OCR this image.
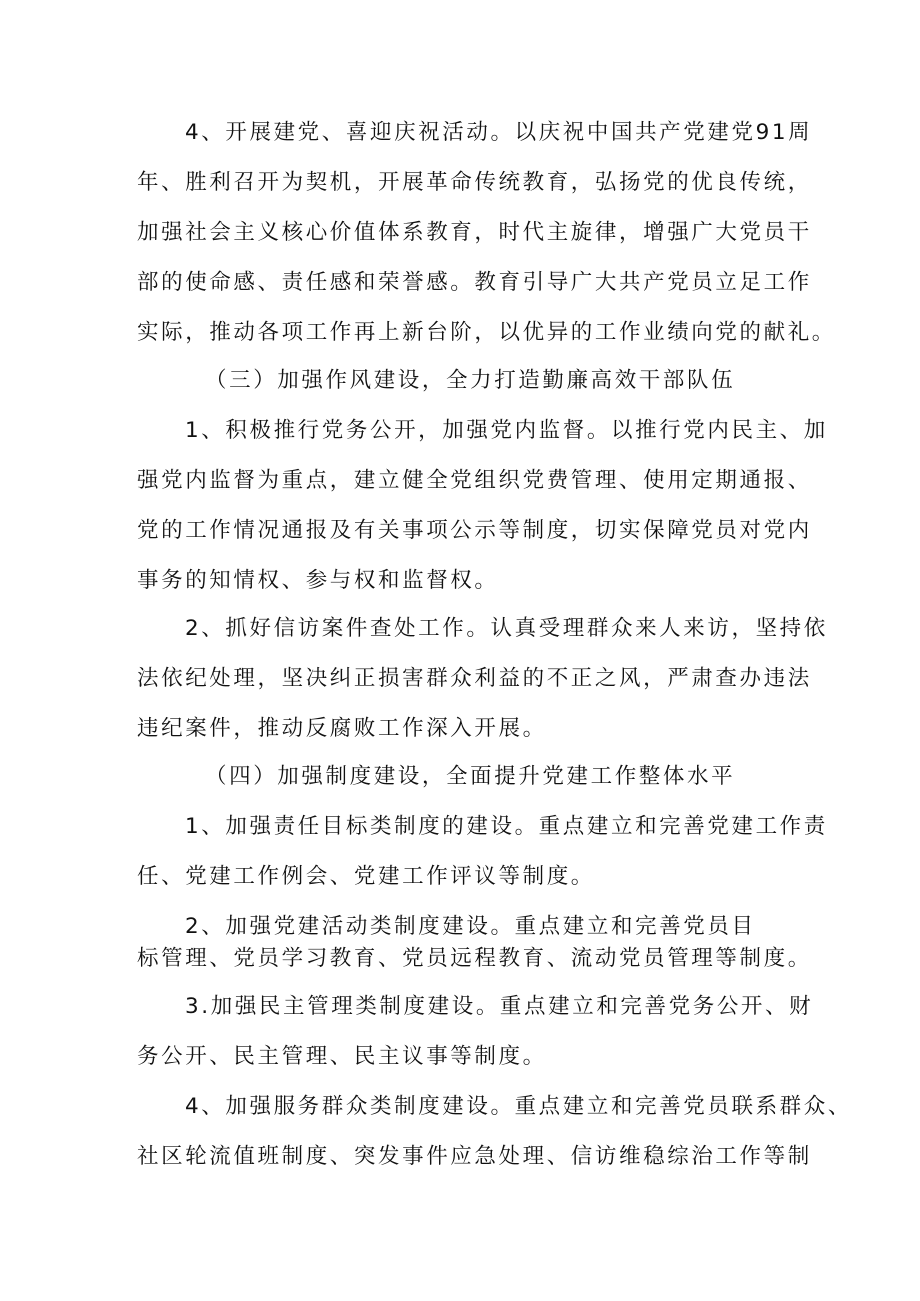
4、开展建党、喜迎庆祝活动。以庆祝中国共产党建党91周
年、胜利召开为契机，开展革命传统教育，弘扬党的优良传统，
加强社会主义核心价值体系教育，时代主旋律，增强广大党员干
部的使命感、责任感和荣誉感。教育引导广大共产党员立足工作
实际，推动各项工作再上新台阶，以优异的工作业绩向党的献礼。
（三）加强作风建设，全力打造勤廉高效干部队伍
1、积极推行党务公开，加强党内监督。以推行党内民主、加
强党内监督为重点，建立健全党组织党费管理、使用定期通报、
党的工作情况通报及有关事项公示等制度，切实保障党员对党内
事务的知情权、参与权和监督权。
2、抓好信访案件查处工作。认真受理群众来人来访，坚持依
法依纪处理，坚决纠正损害群众利益的不正之风，严肃查办违法
违纪案件，推动反腐败工作深入开展。
（四）加强制度建设，全面提升党建工作整体水平
1、加强责任目标类制度的建设。重点建立和完善党建工作责
任、党建工作例会、党建工作评议等制度。
2、加强党建活动类制度建设。重点建立和完善党员目
标管理、党员学习教育、党员远程教育、流动党员管理等制度。
3.加强民主管理类制度建设。重点建立和完善党务公开、财
务公开、民主管理、民主议事等制度。
4、加强服务群众类制度建设。重点建立和完善党员联系群众、
社区轮流值班制度、突发事件应急处理、信访维稳综治工作等制
